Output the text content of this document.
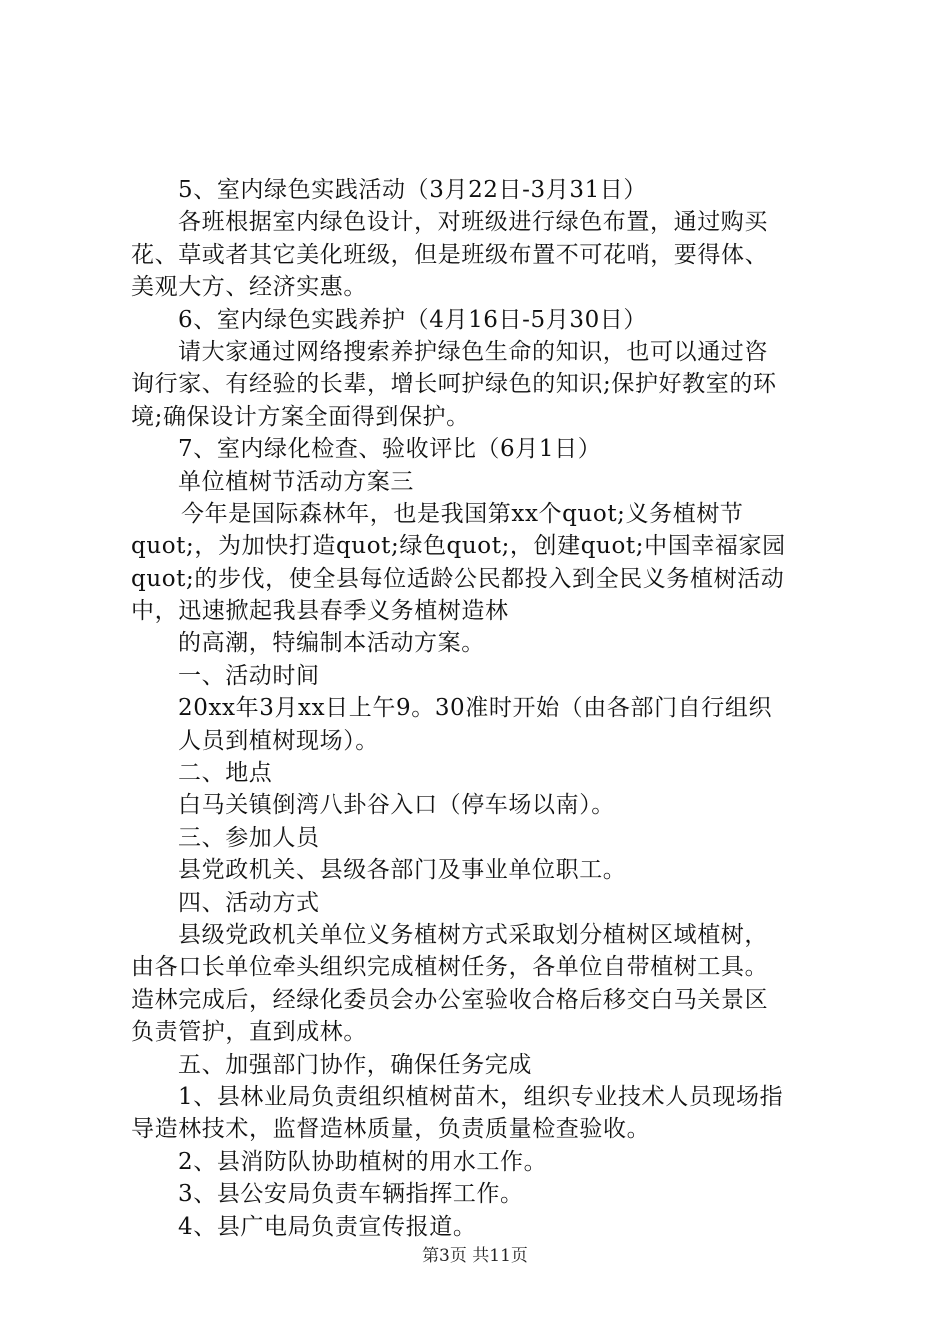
5、室内绿色实践活动（3月22日-3月31日）
各班根据室内绿色设计，对班级进行绿色布置，通过购买
花、草或者其它美化班级，但是班级布置不可花哨，要得体、
美观大方、经济实惠。
6、室内绿色实践养护（4月16日-5月30日）
请大家通过网络搜索养护绿色生命的知识，也可以通过咨
询行家、有经验的长辈，增长呵护绿色的知识;保护好教室的环
境;确保设计方案全面得到保护。
7、室内绿化检查、验收评比（6月1日）
单位植树节活动方案三
今年是国际森林年，也是我国第xx个quot;义务植树节
quot;，为加快打造quot;绿色quot;，创建quot;中国幸福家园
quot;的步伐，使全县每位适龄公民都投入到全民义务植树活动
中，迅速掀起我县春季义务植树造林
的高潮，特编制本活动方案。
一、活动时间
20xx年3月xx日上午9。30准时开始（由各部门自行组织
人员到植树现场）。
二、地点
白马关镇倒湾八卦谷入口（停车场以南）。
三、参加人员
县党政机关、县级各部门及事业单位职工。
四、活动方式
县级党政机关单位义务植树方式采取划分植树区域植树，
由各口长单位牵头组织完成植树任务，各单位自带植树工具。
造林完成后，经绿化委员会办公室验收合格后移交白马关景区
负责管护，直到成林。
五、加强部门协作，确保任务完成
1、县林业局负责组织植树苗木，组织专业技术人员现场指
导造林技术，监督造林质量，负责质量检查验收。
2、县消防队协助植树的用水工作。
3、县公安局负责车辆指挥工作。
4、县广电局负责宣传报道。
第3页 共11页
